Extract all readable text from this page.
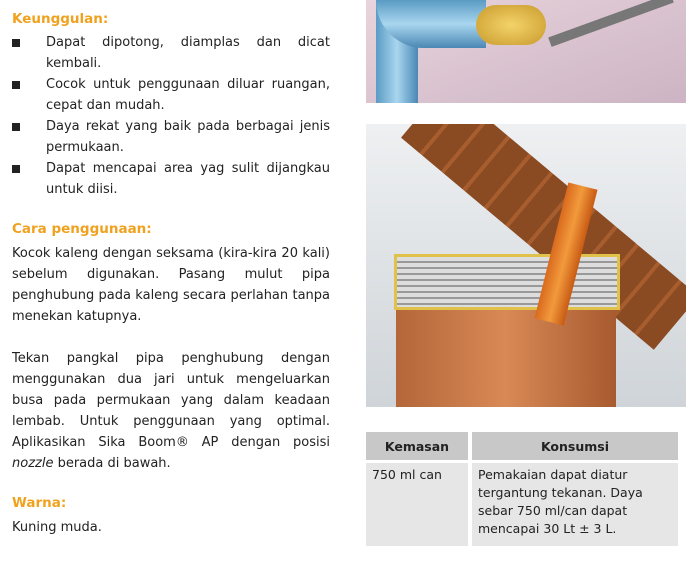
Keunggulan:
Dapat dipotong, diamplas dan dicat kembali.
Cocok untuk penggunaan diluar ruangan, cepat dan mudah.
Daya rekat yang baik pada berbagai jenis permukaan.
Dapat mencapai area yag sulit dijangkau untuk diisi.
Cara penggunaan:

Kocok kaleng dengan seksama (kira-kira 20 kali) sebelum digunakan. Pasang mulut pipa penghubung pada kaleng secara perlahan tanpa menekan katupnya.

Tekan pangkal pipa penghubung dengan menggunakan dua jari untuk mengeluarkan busa pada permukaan yang dalam keadaan lembab. Untuk penggunaan yang optimal. Aplikasikan Sika Boom® AP dengan posisi nozzle berada di bawah.

Warna:

Kuning muda.

Kemasan	Konsumsi
750 ml can	Pemakaian dapat diatur tergantung tekanan. Daya sebar 750 ml/can dapat mencapai 30 Lt ± 3 L.
